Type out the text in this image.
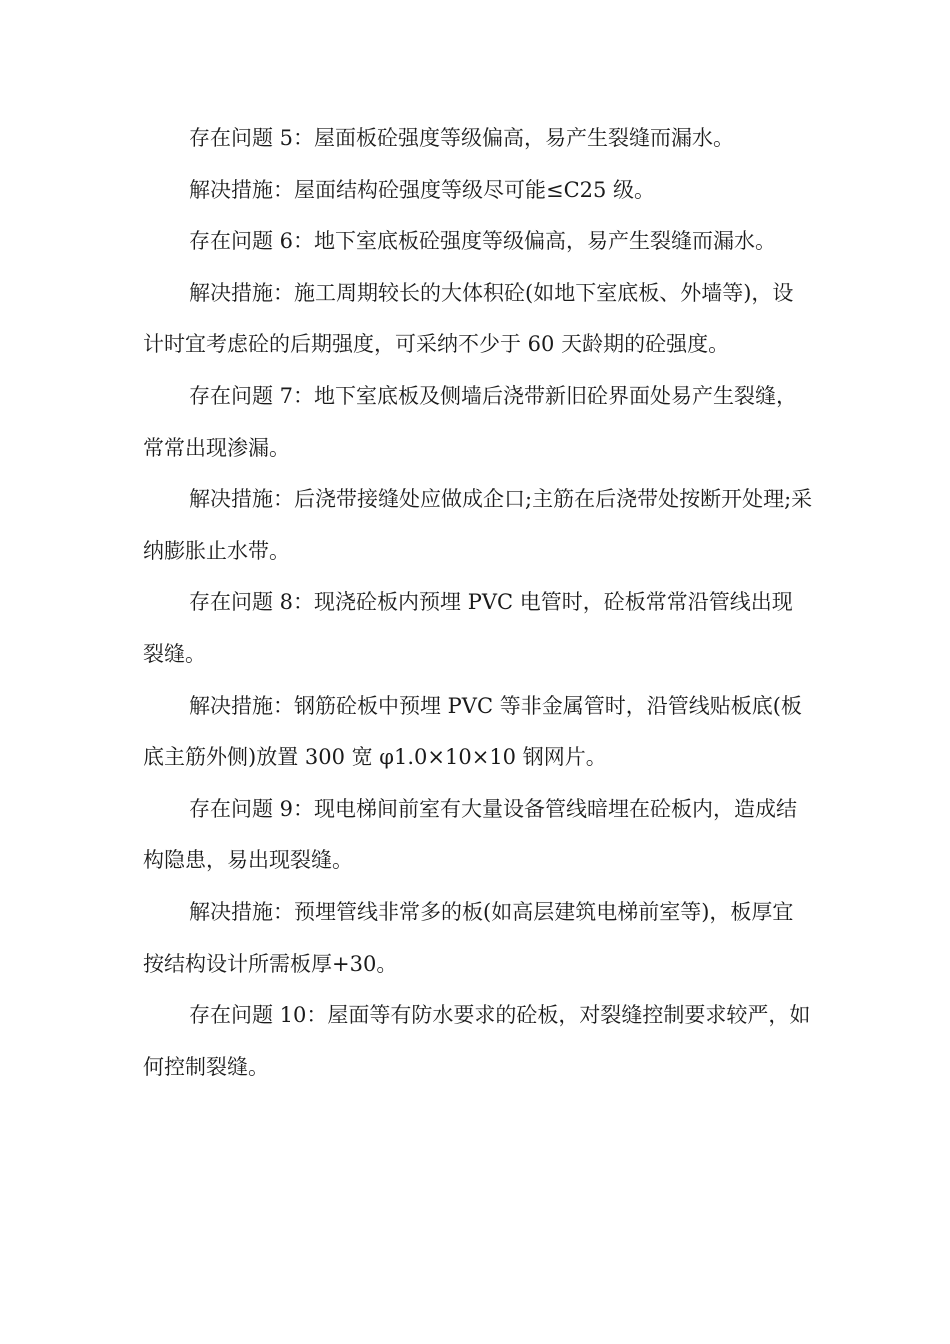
存在问题 5：屋面板砼强度等级偏高，易产生裂缝而漏水。

解决措施：屋面结构砼强度等级尽可能≤C25 级。

存在问题 6：地下室底板砼强度等级偏高，易产生裂缝而漏水。

解决措施：施工周期较长的大体积砼(如地下室底板、外墙等)，设计时宜考虑砼的后期强度，可采纳不少于 60 天龄期的砼强度。

存在问题 7：地下室底板及侧墙后浇带新旧砼界面处易产生裂缝，常常出现渗漏。

解决措施：后浇带接缝处应做成企口;主筋在后浇带处按断开处理;采纳膨胀止水带。

存在问题 8：现浇砼板内预埋 PVC 电管时，砼板常常沿管线出现裂缝。

解决措施：钢筋砼板中预埋 PVC 等非金属管时，沿管线贴板底(板底主筋外侧)放置 300 宽 φ1.0×10×10 钢网片。

存在问题 9：现电梯间前室有大量设备管线暗埋在砼板内，造成结构隐患，易出现裂缝。

解决措施：预埋管线非常多的板(如高层建筑电梯前室等)，板厚宜按结构设计所需板厚+30。

存在问题 10：屋面等有防水要求的砼板，对裂缝控制要求较严，如何控制裂缝。
